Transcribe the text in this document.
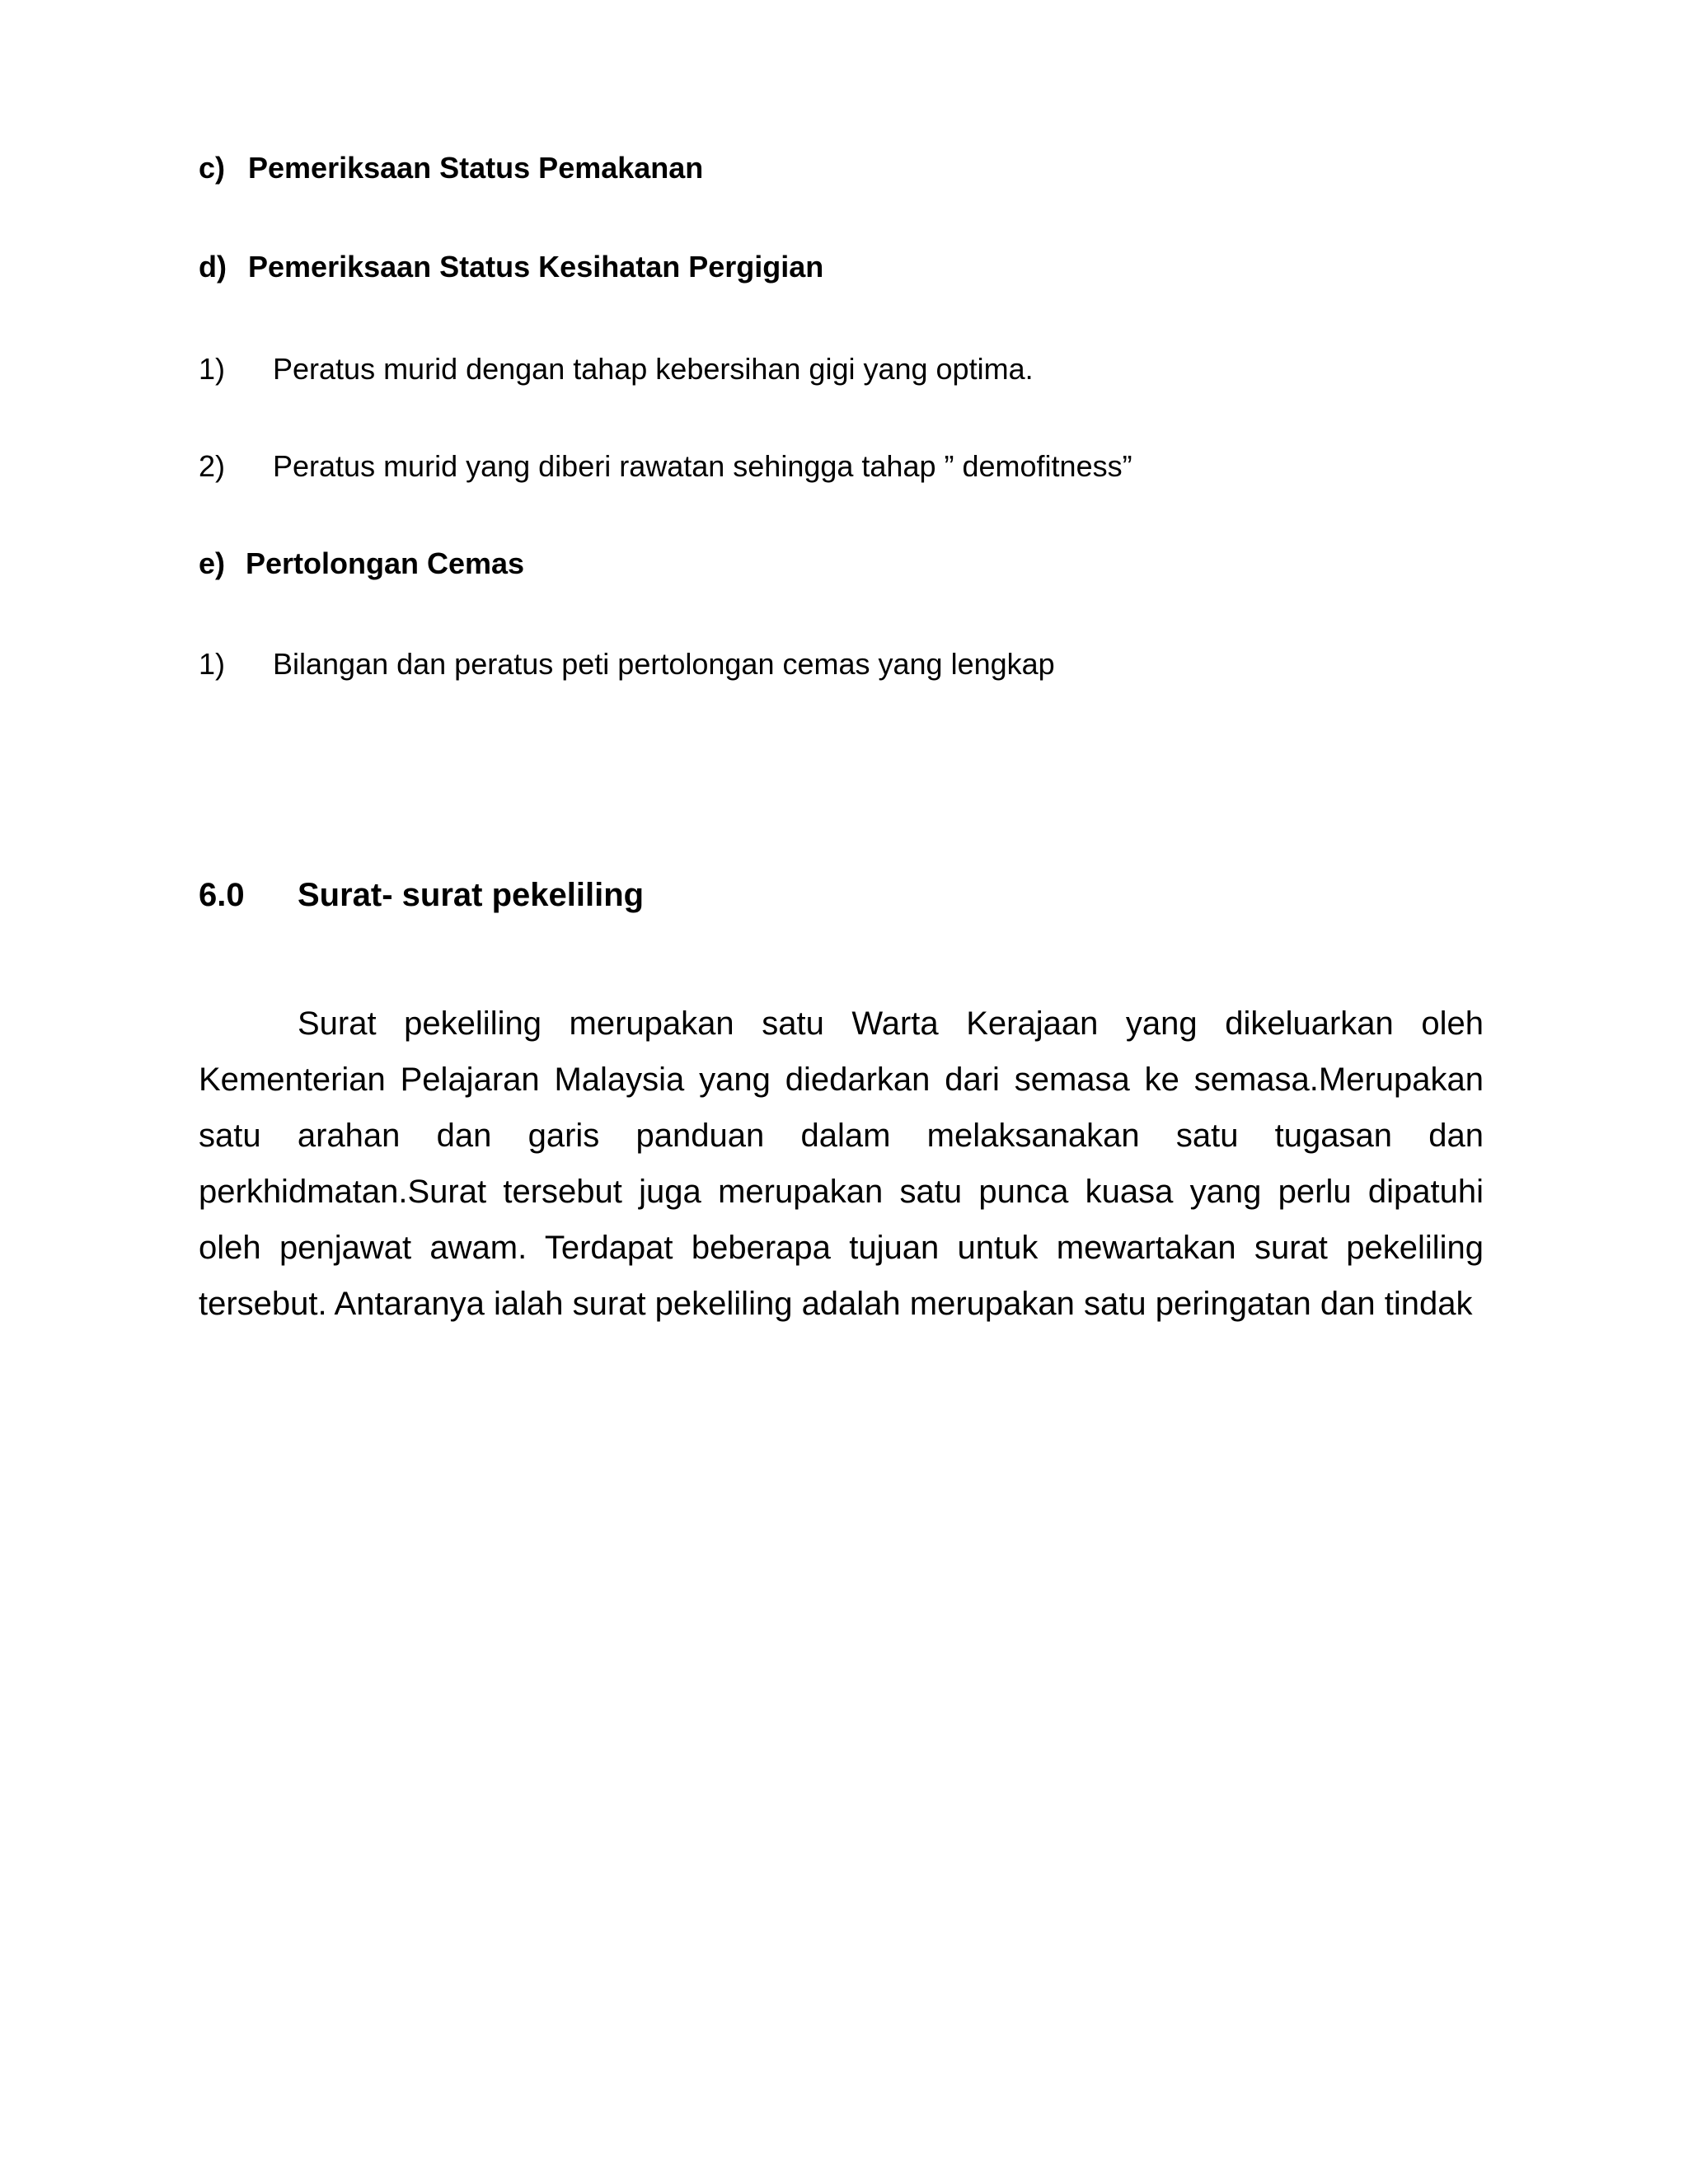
c) Pemeriksaan Status Pemakanan
d) Pemeriksaan Status Kesihatan Pergigian
1) Peratus murid dengan tahap kebersihan gigi yang optima.
2) Peratus murid yang diberi rawatan sehingga tahap ” demofitness”
e) Pertolongan Cemas
1) Bilangan dan peratus peti pertolongan cemas yang lengkap
6.0 Surat- surat pekeliling

Surat pekeliling merupakan satu Warta Kerajaan yang dikeluarkan oleh Kementerian Pelajaran Malaysia yang diedarkan dari semasa ke semasa.Merupakan satu arahan dan garis panduan dalam melaksanakan satu tugasan dan perkhidmatan.Surat tersebut juga merupakan satu punca kuasa yang perlu dipatuhi oleh penjawat awam. Terdapat beberapa tujuan untuk mewartakan surat pekeliling tersebut. Antaranya ialah surat pekeliling adalah merupakan satu peringatan dan tindak
